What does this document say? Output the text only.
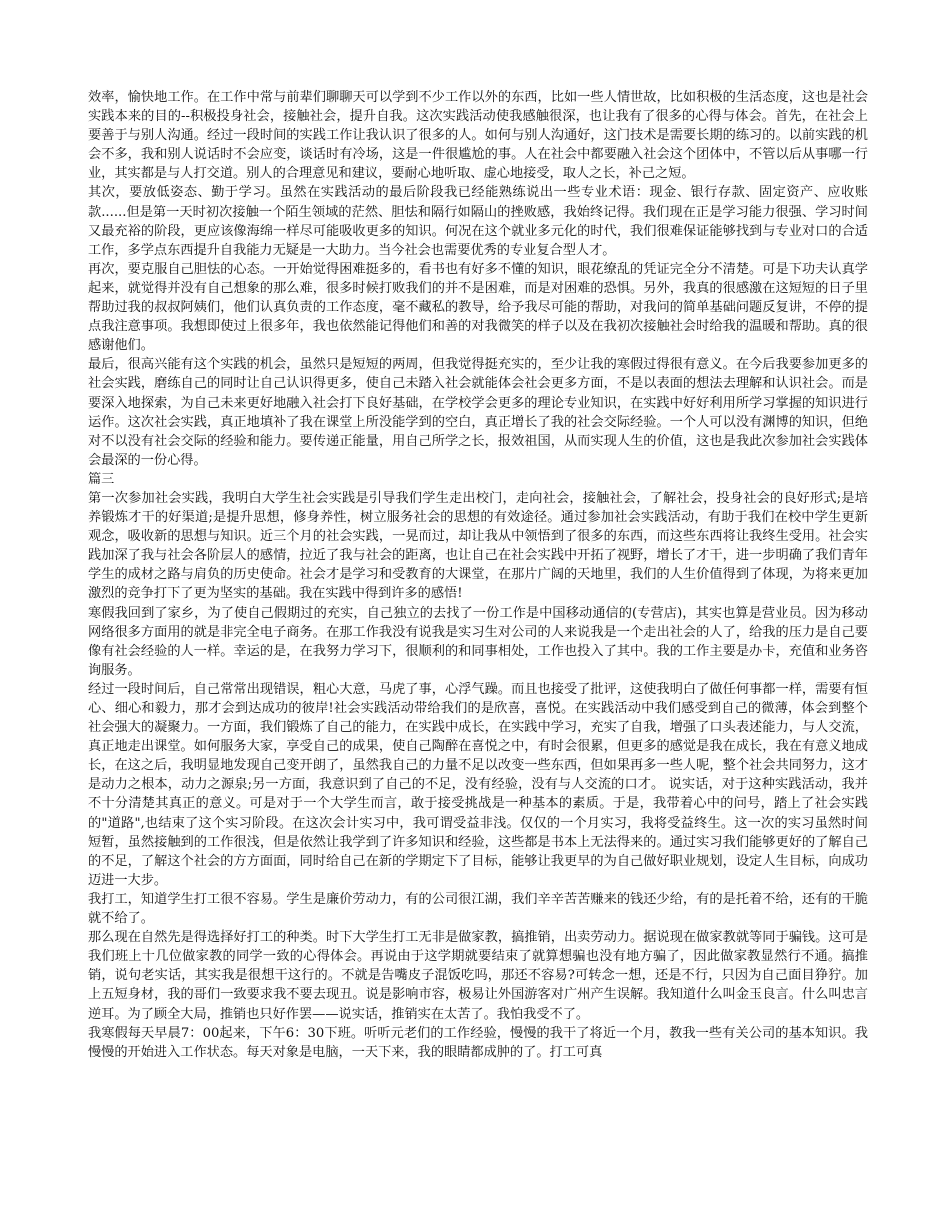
效率，愉快地工作。在工作中常与前辈们聊聊天可以学到不少工作以外的东西，比如一些人情世故，比如积极的生活态度，这也是社会实践本来的目的--积极投身社会，接触社会，提升自我。这次实践活动使我感触很深，也让我有了很多的心得与体会。首先，在社会上要善于与别人沟通。经过一段时间的实践工作让我认识了很多的人。如何与别人沟通好，这门技术是需要长期的练习的。以前实践的机会不多，我和别人说话时不会应变，谈话时有冷场，这是一件很尴尬的事。人在社会中都要融入社会这个团体中，不管以后从事哪一行业，其实都是与人打交道。别人的合理意见和建议，要耐心地听取、虚心地接受，取人之长，补己之短。

其次，要放低姿态、勤于学习。虽然在实践活动的最后阶段我已经能熟练说出一些专业术语：现金、银行存款、固定资产、应收账款......但是第一天时初次接触一个陌生领域的茫然、胆怯和隔行如隔山的挫败感，我始终记得。我们现在正是学习能力很强、学习时间又最充裕的阶段，更应该像海绵一样尽可能吸收更多的知识。何况在这个就业多元化的时代，我们很难保证能够找到与专业对口的合适工作，多学点东西提升自我能力无疑是一大助力。当今社会也需要优秀的专业复合型人才。

再次，要克服自己胆怯的心态。一开始觉得困难挺多的，看书也有好多不懂的知识，眼花缭乱的凭证完全分不清楚。可是下功夫认真学起来，就觉得并没有自己想象的那么难，很多时候打败我们的并不是困难，而是对困难的恐惧。另外，我真的很感激在这短短的日子里帮助过我的叔叔阿姨们，他们认真负责的工作态度，毫不藏私的教导，给予我尽可能的帮助，对我问的简单基础问题反复讲，不停的提点我注意事项。我想即使过上很多年，我也依然能记得他们和善的对我微笑的样子以及在我初次接触社会时给我的温暖和帮助。真的很感谢他们。

最后，很高兴能有这个实践的机会，虽然只是短短的两周，但我觉得挺充实的，至少让我的寒假过得很有意义。在今后我要参加更多的社会实践，磨练自己的同时让自己认识得更多，使自己未踏入社会就能体会社会更多方面，不是以表面的想法去理解和认识社会。而是要深入地探索，为自己未来更好地融入社会打下良好基础，在学校学会更多的理论专业知识，在实践中好好利用所学习掌握的知识进行运作。这次社会实践，真正地填补了我在课堂上所没能学到的空白，真正增长了我的社会交际经验。一个人可以没有渊博的知识，但绝对不以没有社会交际的经验和能力。要传递正能量，用自己所学之长，报效祖国，从而实现人生的价值，这也是我此次参加社会实践体会最深的一份心得。

篇三

第一次参加社会实践，我明白大学生社会实践是引导我们学生走出校门，走向社会，接触社会，了解社会，投身社会的良好形式;是培养锻炼才干的好渠道;是提升思想，修身养性，树立服务社会的思想的有效途径。通过参加社会实践活动，有助于我们在校中学生更新观念，吸收新的思想与知识。近三个月的社会实践，一晃而过，却让我从中领悟到了很多的东西，而这些东西将让我终生受用。社会实践加深了我与社会各阶层人的感情，拉近了我与社会的距离，也让自己在社会实践中开拓了视野，增长了才干，进一步明确了我们青年学生的成材之路与肩负的历史使命。社会才是学习和受教育的大课堂，在那片广阔的天地里，我们的人生价值得到了体现，为将来更加激烈的竞争打下了更为坚实的基础。我在实践中得到许多的感悟!

寒假我回到了家乡，为了使自己假期过的充实，自己独立的去找了一份工作是中国移动通信的(专营店)，其实也算是营业员。因为移动网络很多方面用的就是非完全电子商务。在那工作我没有说我是实习生对公司的人来说我是一个走出社会的人了，给我的压力是自己要像有社会经验的人一样。幸运的是，在我努力学习下，很顺利的和同事相处，工作也投入了其中。我的工作主要是办卡，充值和业务咨询服务。

经过一段时间后，自己常常出现错误，粗心大意，马虎了事，心浮气躁。而且也接受了批评，这使我明白了做任何事都一样，需要有恒心、细心和毅力，那才会到达成功的彼岸!社会实践活动带给我们的是欣喜，喜悦。在实践活动中我们感受到自己的微薄，体会到整个社会强大的凝聚力。一方面，我们锻炼了自己的能力，在实践中成长，在实践中学习，充实了自我，增强了口头表述能力，与人交流，真正地走出课堂。如何服务大家，享受自己的成果，使自己陶醉在喜悦之中，有时会很累，但更多的感觉是我在成长，我在有意义地成长，在这之后，我明显地发现自己变开朗了，虽然我自己的力量不足以改变一些东西，但如果再多一些人呢，整个社会共同努力，这才是动力之根本，动力之源泉;另一方面，我意识到了自己的不足，没有经验，没有与人交流的口才。 说实话，对于这种实践活动，我并不十分清楚其真正的意义。可是对于一个大学生而言，敢于接受挑战是一种基本的素质。于是，我带着心中的问号，踏上了社会实践的"道路",也结束了这个实习阶段。在这次会计实习中，我可谓受益非浅。仅仅的一个月实习，我将受益终生。这一次的实习虽然时间短暂，虽然接触到的工作很浅，但是依然让我学到了许多知识和经验，这些都是书本上无法得来的。通过实习我们能够更好的了解自己的不足，了解这个社会的方方面面，同时给自己在新的学期定下了目标，能够让我更早的为自己做好职业规划，设定人生目标，向成功迈进一大步。

我打工，知道学生打工很不容易。学生是廉价劳动力，有的公司很江湖，我们辛辛苦苦赚来的钱还少给，有的是托着不给，还有的干脆就不给了。

那么现在自然先是得选择好打工的种类。时下大学生打工无非是做家教，搞推销，出卖劳动力。据说现在做家教就等同于骗钱。这可是我们班上十几位做家教的同学一致的心得体会。再说由于这学期就要结束了就算想骗也没有地方骗了，因此做家教显然行不通。搞推销，说句老实话，其实我是很想干这行的。不就是告嘴皮子混饭吃吗，那还不容易?可转念一想，还是不行，只因为自己面目狰狞。加上五短身材，我的哥们一致要求我不要去现丑。说是影响市容，极易让外国游客对广州产生误解。我知道什么叫金玉良言。什么叫忠言逆耳。为了顾全大局，推销也只好作罢——说实话，推销实在太苦了。我怕我受不了。

我寒假每天早晨7：00起来，下午6：30下班。听听元老们的工作经验，慢慢的我干了将近一个月，教我一些有关公司的基本知识。我慢慢的开始进入工作状态。每天对象是电脑，一天下来，我的眼睛都成肿的了。打工可真
